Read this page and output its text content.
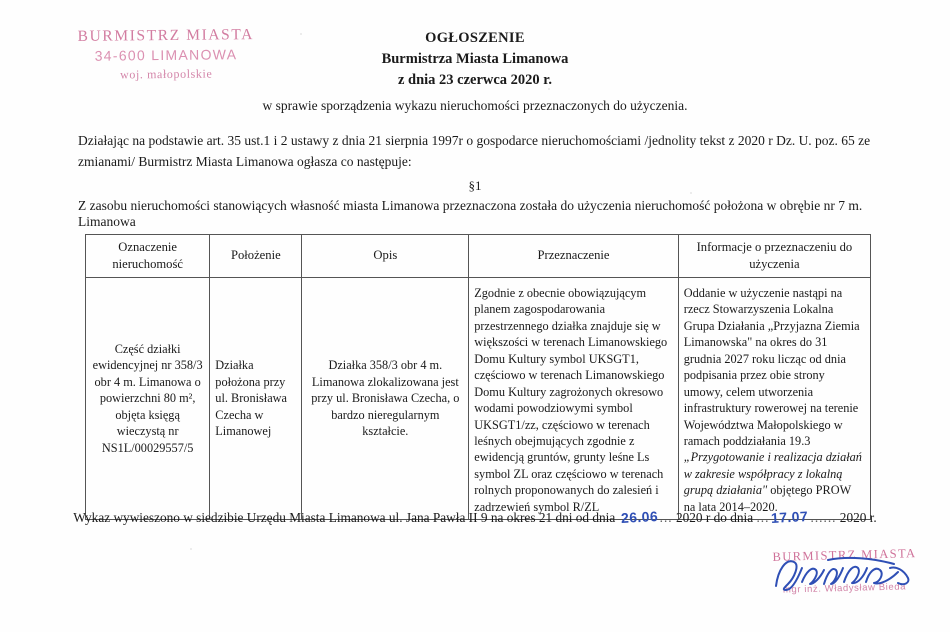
BURMISTRZ MIASTA
34-600 LIMANOWA
woj. małopolskie
OGŁOSZENIE
Burmistrza Miasta Limanowa
z dnia 23 czerwca 2020 r.
w sprawie sporządzenia wykazu nieruchomości przeznaczonych do użyczenia.
Działając na podstawie art. 35 ust.1 i 2 ustawy z dnia 21 sierpnia 1997r o gospodarce nieruchomościami /jednolity tekst z 2020 r Dz. U. poz. 65 ze zmianami/ Burmistrz Miasta Limanowa ogłasza co następuje:
§1
Z zasobu nieruchomości stanowiących własność miasta Limanowa przeznaczona została do użyczenia nieruchomość położona w obrębie nr 7 m. Limanowa
Oznaczenie nieruchomość	Położenie	Opis	Przeznaczenie	Informacje o przeznaczeniu do użyczenia
Część działki ewidencyjnej nr 358/3 obr 4 m. Limanowa o powierzchni 80 m², objęta księgą wieczystą nr NS1L/00029557/5	Działka położona przy ul. Bronisława Czecha w Limanowej	Działka 358/3 obr 4 m. Limanowa zlokalizowana jest przy ul. Bronisława Czecha, o bardzo nieregularnym kształcie.	Zgodnie z obecnie obowiązującym planem zagospodarowania przestrzennego działka znajduje się w większości w terenach Limanowskiego Domu Kultury symbol UKSGT1, częściowo w terenach Limanowskiego Domu Kultury zagrożonych okresowo wodami powodziowymi symbol UKSGT1/zz, częściowo w terenach leśnych obejmujących zgodnie z ewidencją gruntów, grunty leśne Ls symbol ZL oraz częściowo w terenach rolnych proponowanych do zalesień i zadrzewień symbol R/ZL	Oddanie w użyczenie nastąpi na rzecz Stowarzyszenia Lokalna Grupa Działania „Przyjazna Ziemia Limanowska" na okres do 31 grudnia 2027 roku licząc od dnia podpisania przez obie strony umowy, celem utworzenia infrastruktury rowerowej na terenie Województwa Małopolskiego w ramach poddziałania 19.3 „Przygotowanie i realizacja działań w zakresie współpracy z lokalną grupą działania" objętego PROW na lata 2014–2020.
Wykaz wywieszono w siedzibie Urzędu Miasta Limanowa ul. Jana Pawła II 9 na okres 21 dni od dnia 26.06 ... 2020 r do dnia ... 17.07 ...... 2020 r.
BURMISTRZ MIASTA
mgr inż. Władysław Bieda
